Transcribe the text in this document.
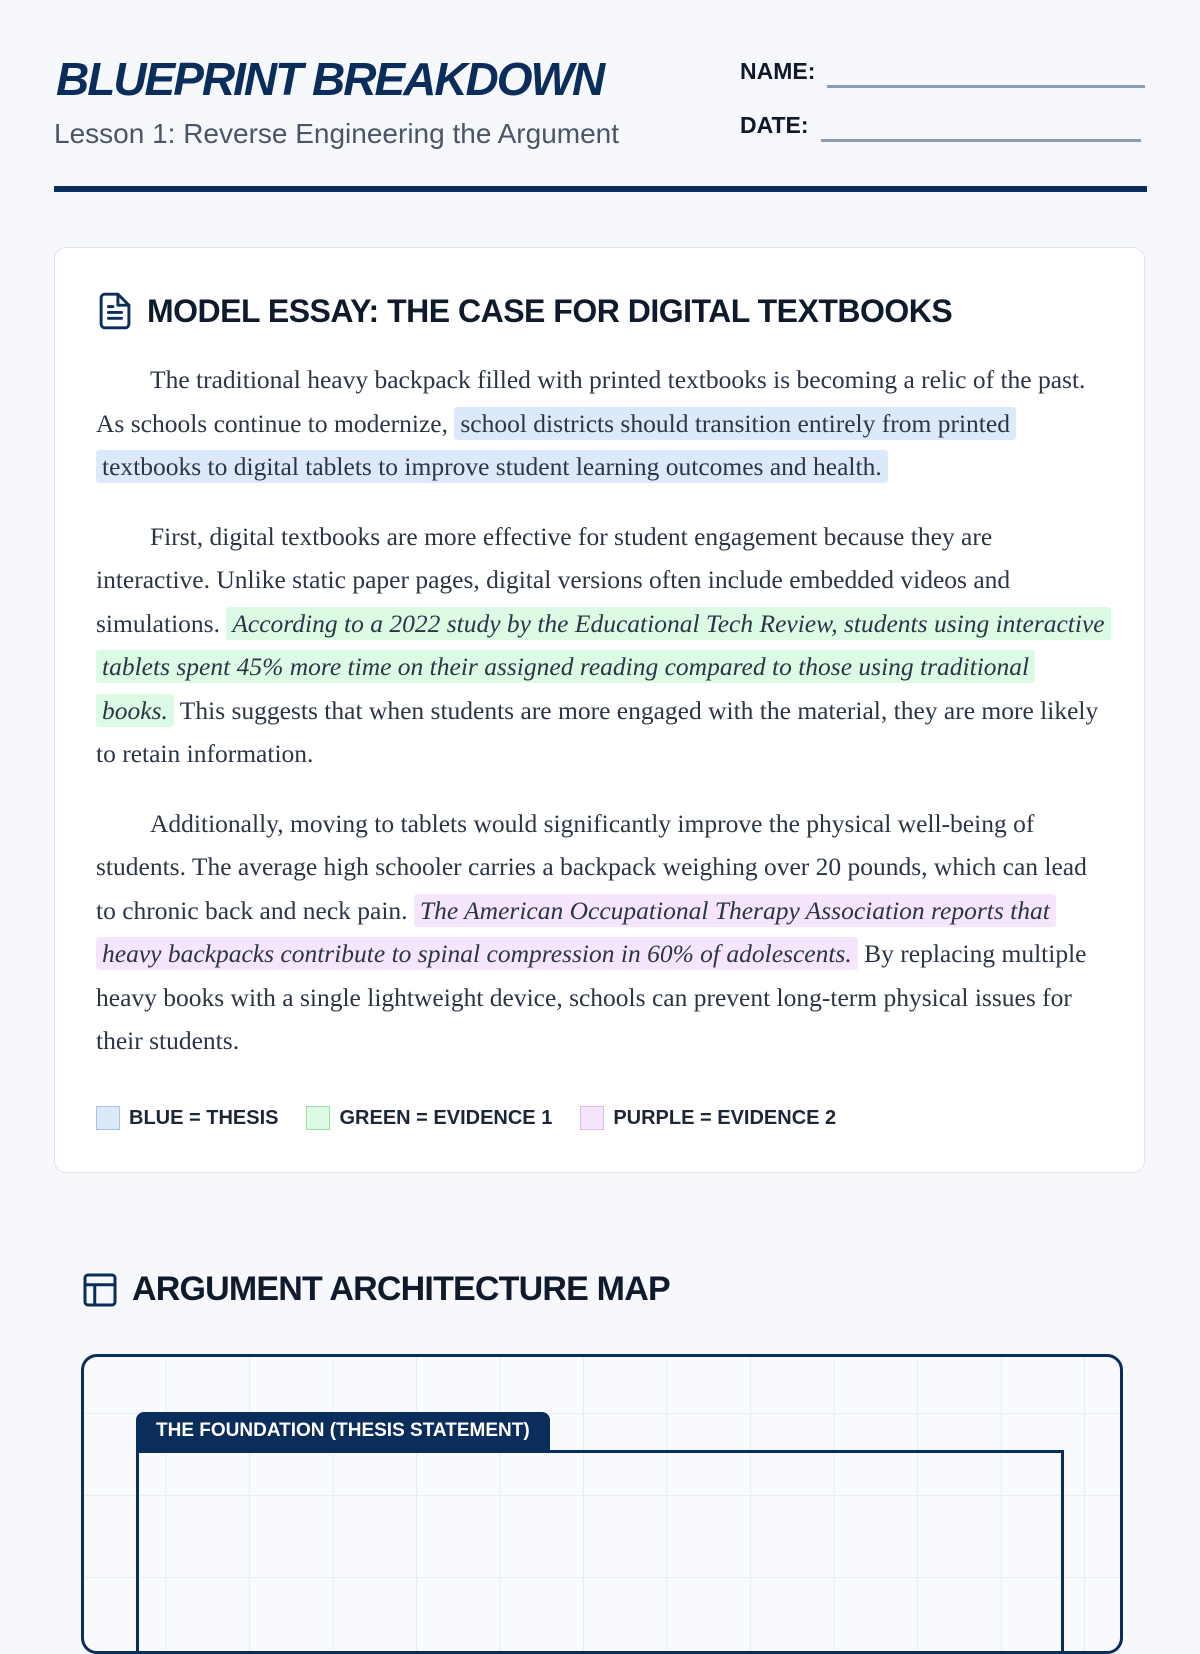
BLUEPRINT BREAKDOWN

Lesson 1: Reverse Engineering the Argument

NAME:
DATE:
MODEL ESSAY: THE CASE FOR DIGITAL TEXTBOOKS

The traditional heavy backpack filled with printed textbooks is becoming a relic of the past. As schools continue to modernize, school districts should transition entirely from printed textbooks to digital tablets to improve student learning outcomes and health.

First, digital textbooks are more effective for student engagement because they are interactive. Unlike static paper pages, digital versions often include embedded videos and simulations. According to a 2022 study by the Educational Tech Review, students using interactive tablets spent 45% more time on their assigned reading compared to those using traditional books. This suggests that when students are more engaged with the material, they are more likely to retain information.

Additionally, moving to tablets would significantly improve the physical well-being of students. The average high schooler carries a backpack weighing over 20 pounds, which can lead to chronic back and neck pain. The American Occupational Therapy Association reports that heavy backpacks contribute to spinal compression in 60% of adolescents. By replacing multiple heavy books with a single lightweight device, schools can prevent long-term physical issues for their students.

BLUE = THESIS	GREEN = EVIDENCE 1	PURPLE = EVIDENCE 2
ARGUMENT ARCHITECTURE MAP
THE FOUNDATION (THESIS STATEMENT)
